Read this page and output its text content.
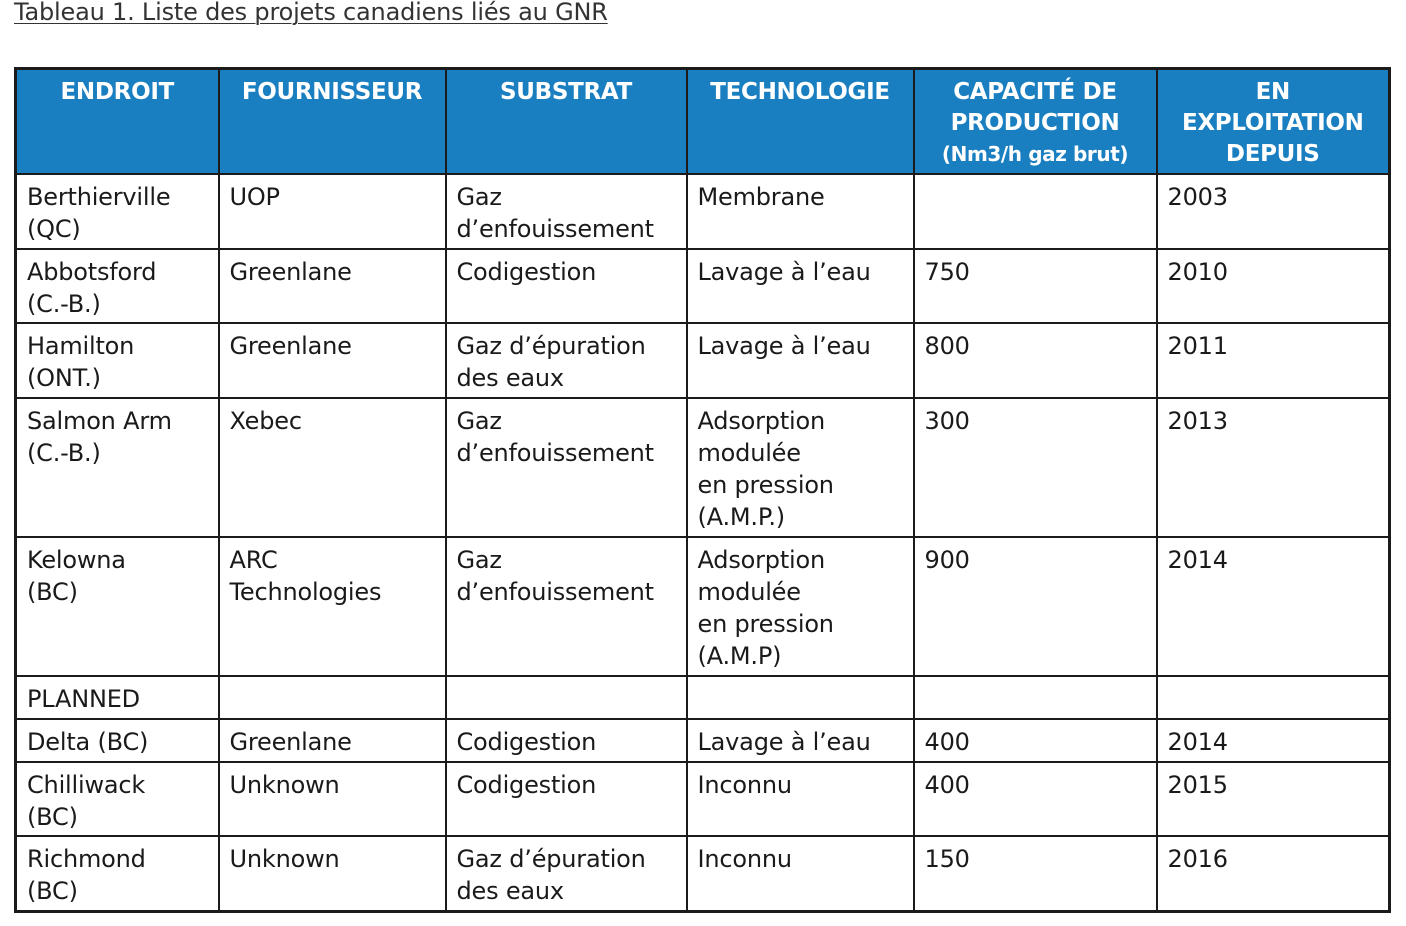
Tableau 1. Liste des projets canadiens liés au GNR
ENDROIT	FOURNISSEUR	SUBSTRAT	TECHNOLOGIE	CAPACITÉ DE
PRODUCTION
(Nm3/h gaz brut)	EN
EXPLOITATION
DEPUIS
Berthierville
(QC)	UOP	Gaz
d’enfouissement	Membrane		2003
Abbotsford
(C.-B.)	Greenlane	Codigestion	Lavage à l’eau	750	2010
Hamilton
(ONT.)	Greenlane	Gaz d’épuration
des eaux	Lavage à l’eau	800	2011
Salmon Arm
(C.-B.)	Xebec	Gaz
d’enfouissement	Adsorption
modulée
en pression
(A.M.P.)	300	2013
Kelowna
(BC)	ARC
Technologies	Gaz
d’enfouissement	Adsorption
modulée
en pression
(A.M.P)	900	2014
PLANNED					
Delta (BC)	Greenlane	Codigestion	Lavage à l’eau	400	2014
Chilliwack
(BC)	Unknown	Codigestion	Inconnu	400	2015
Richmond
(BC)	Unknown	Gaz d’épuration
des eaux	Inconnu	150	2016
